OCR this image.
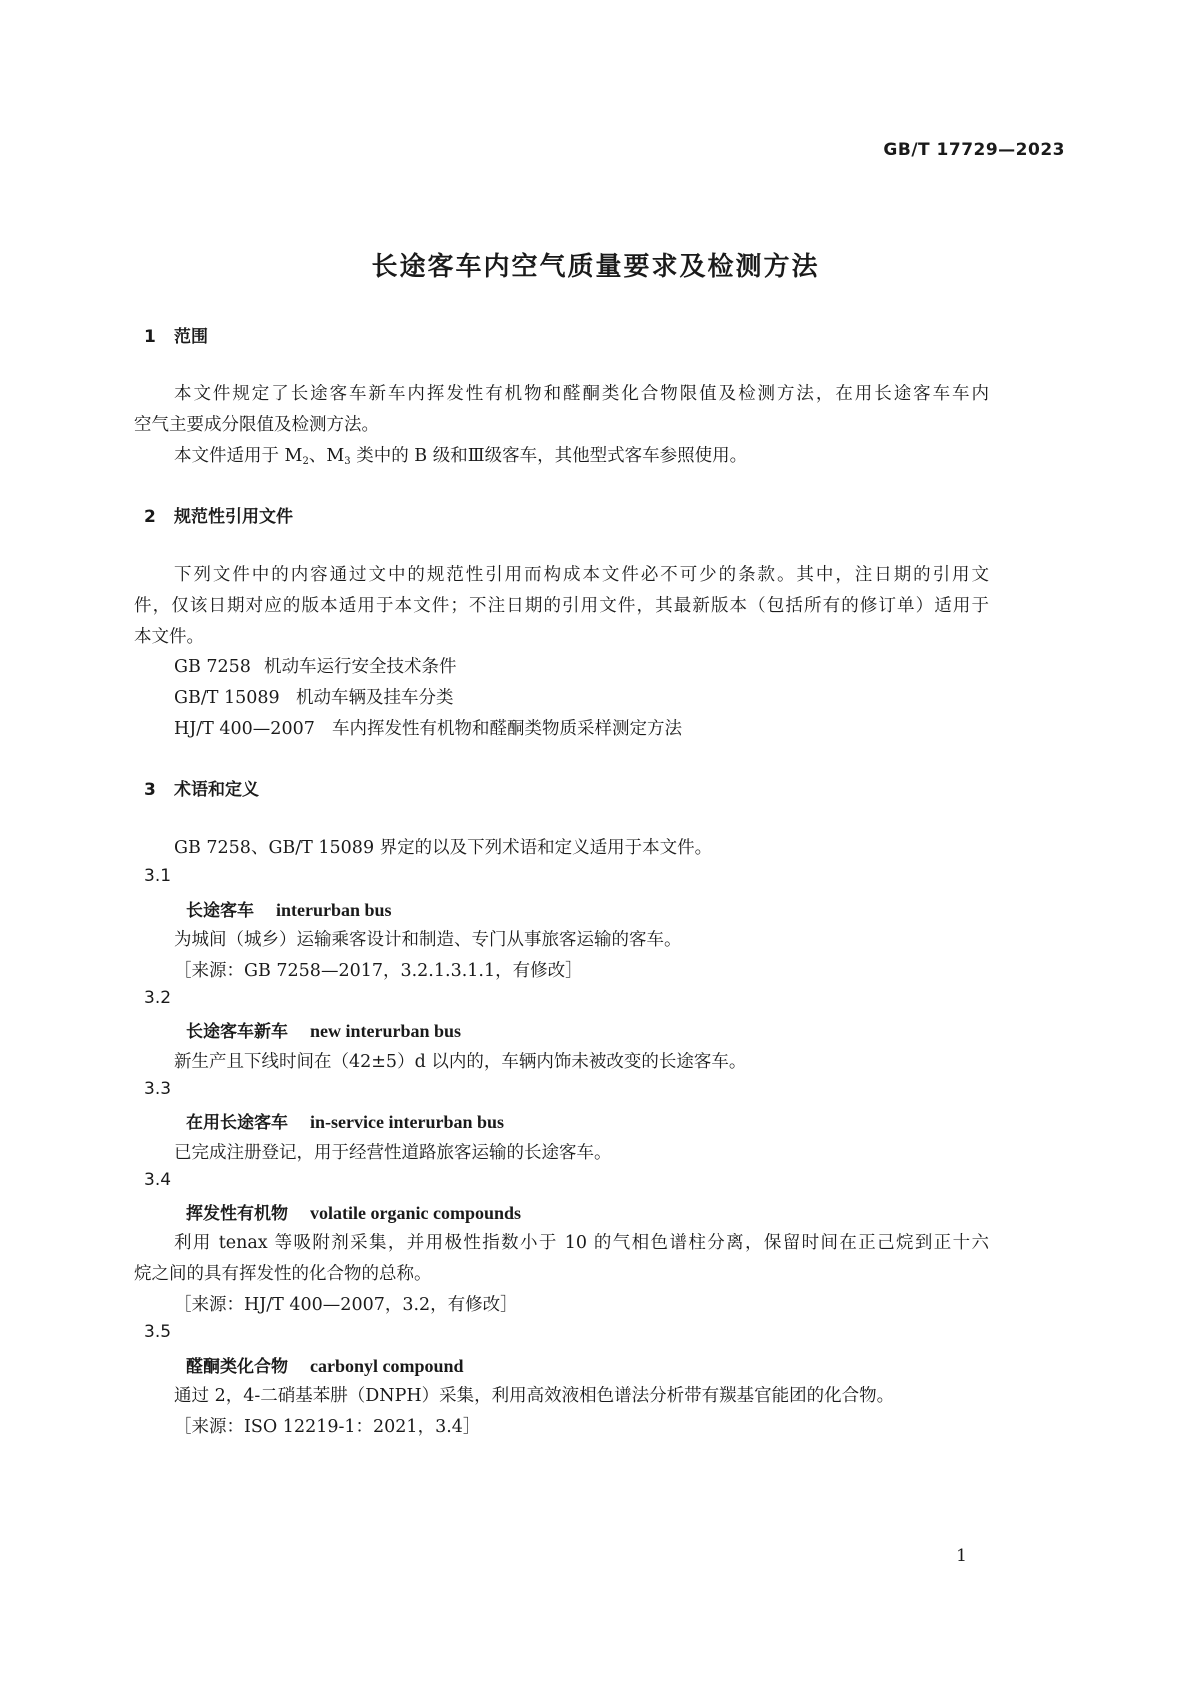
GB/T 17729—2023
长途客车内空气质量要求及检测方法
1 范围
本文件规定了长途客车新车内挥发性有机物和醛酮类化合物限值及检测方法，在用长途客车车内
空气主要成分限值及检测方法。
本文件适用于 $M_2$、$M_3$ 类中的 B 级和Ⅲ级客车，其他型式客车参照使用。
2 规范性引用文件
下列文件中的内容通过文中的规范性引用而构成本文件必不可少的条款。其中，注日期的引用文
件，仅该日期对应的版本适用于本文件；不注日期的引用文件，其最新版本（包括所有的修订单）适用于
本文件。
GB 7258 机动车运行安全技术条件
GB/T 15089 机动车辆及挂车分类
HJ/T 400—2007 车内挥发性有机物和醛酮类物质采样测定方法
3 术语和定义
GB 7258、GB/T 15089 界定的以及下列术语和定义适用于本文件。
3.1
长途客车 interurban bus
为城间（城乡）运输乘客设计和制造、专门从事旅客运输的客车。
［来源：GB 7258—2017，3.2.1.3.1.1，有修改］
3.2
长途客车新车 new interurban bus
新生产且下线时间在（42±5）d 以内的，车辆内饰未被改变的长途客车。
3.3
在用长途客车 in-service interurban bus
已完成注册登记，用于经营性道路旅客运输的长途客车。
3.4
挥发性有机物 volatile organic compounds
利用 tenax 等吸附剂采集，并用极性指数小于 10 的气相色谱柱分离，保留时间在正己烷到正十六
烷之间的具有挥发性的化合物的总称。
［来源：HJ/T 400—2007，3.2，有修改］
3.5
醛酮类化合物 carbonyl compound
通过 2，4-二硝基苯肼（DNPH）采集，利用高效液相色谱法分析带有羰基官能团的化合物。
［来源：ISO 12219-1：2021，3.4］
1
